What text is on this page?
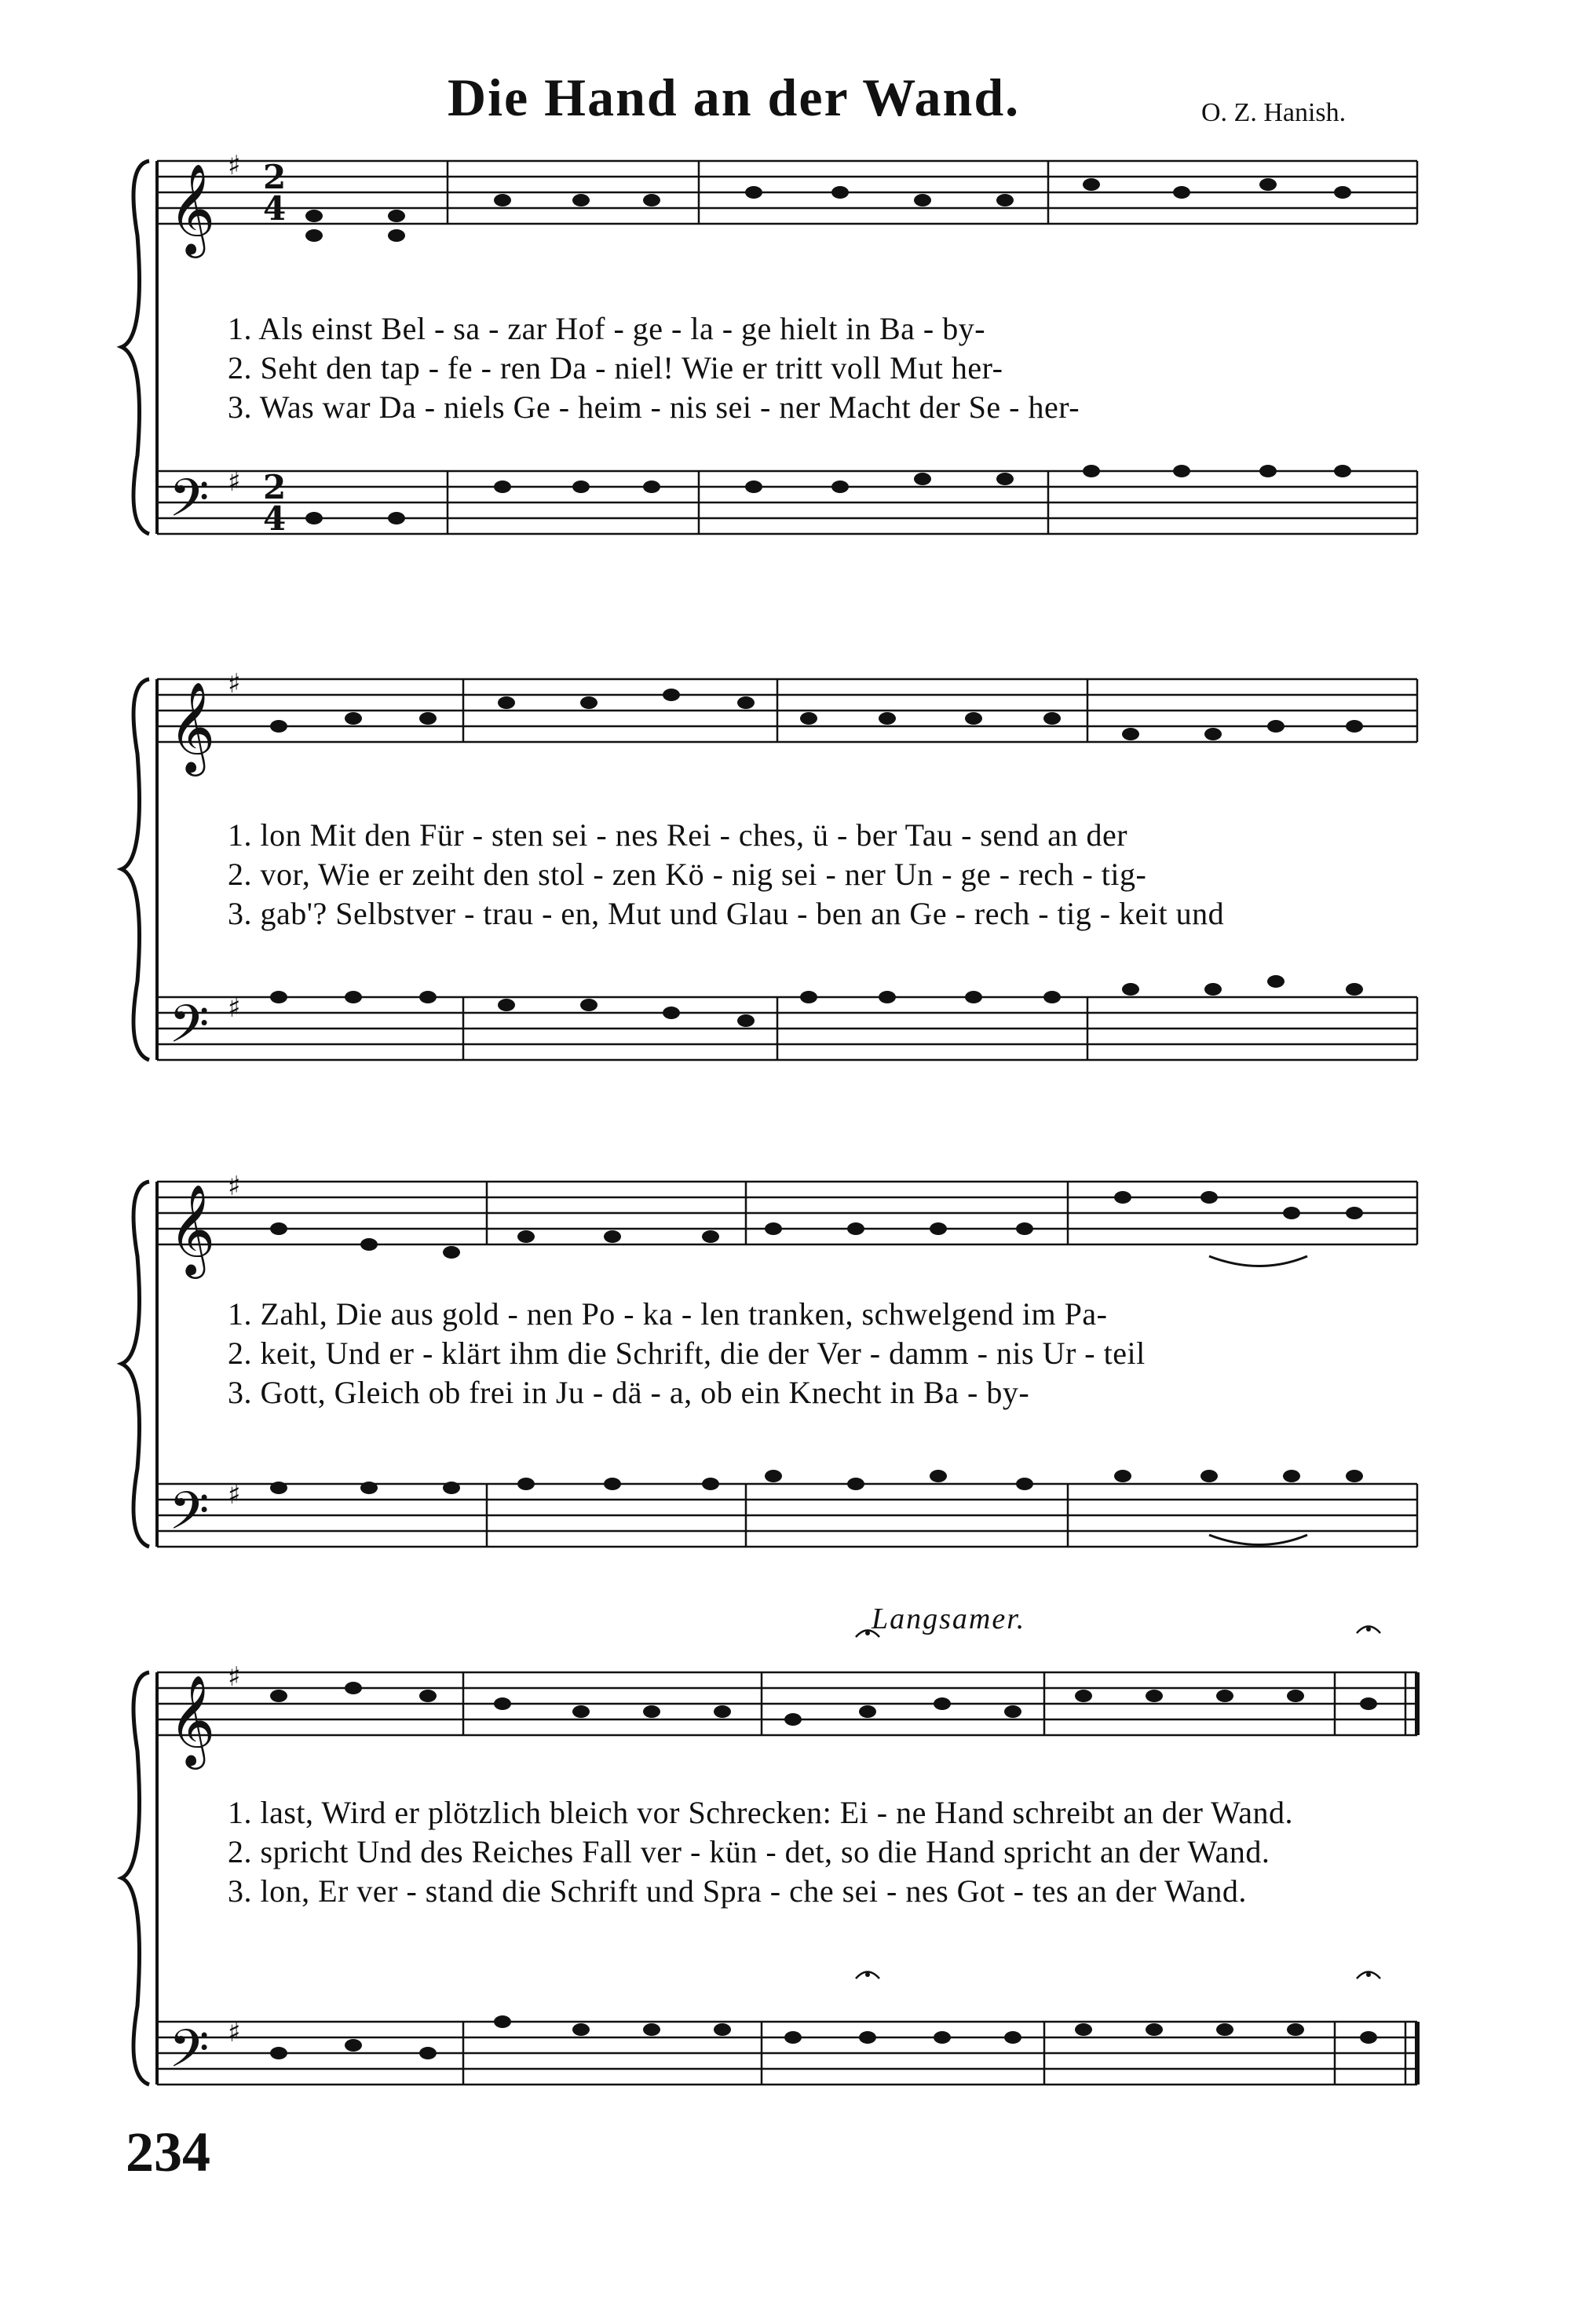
Die Hand an der Wand.	O. Z. Hanish.
𝄞 ♯ 2
4
𝄢 ♯ 2
4
1. Als einst Bel - sa - zar Hof - ge - la - ge hielt in Ba - by-
2. Seht den tap - fe - ren Da - niel! Wie er tritt voll Mut her-
3. Was war Da - niels Ge - heim - nis sei - ner Macht der Se - her-
𝄞 ♯
𝄢 ♯
1. lon Mit den Für - sten sei - nes Rei - ches, ü - ber Tau - send an der
2. vor, Wie er zeiht den stol - zen Kö - nig sei - ner Un - ge - rech - tig-
3. gab'? Selbstver - trau - en, Mut und Glau - ben an Ge - rech - tig - keit und
𝄞 ♯
𝄢 ♯
1. Zahl, Die aus gold - nen Po - ka - len tranken, schwelgend im Pa-
2. keit, Und er - klärt ihm die Schrift, die der Ver - damm - nis Ur - teil
3. Gott, Gleich ob frei in Ju - dä - a, ob ein Knecht in Ba - by-
Langsamer.
𝄞 ♯
𝄢 ♯
1. last, Wird er plötzlich bleich vor Schrecken: Ei - ne Hand schreibt an der Wand.
2. spricht Und des Reiches Fall ver - kün - det, so die Hand spricht an der Wand.
3. lon, Er ver - stand die Schrift und Spra - che sei - nes Got - tes an der Wand.
234
